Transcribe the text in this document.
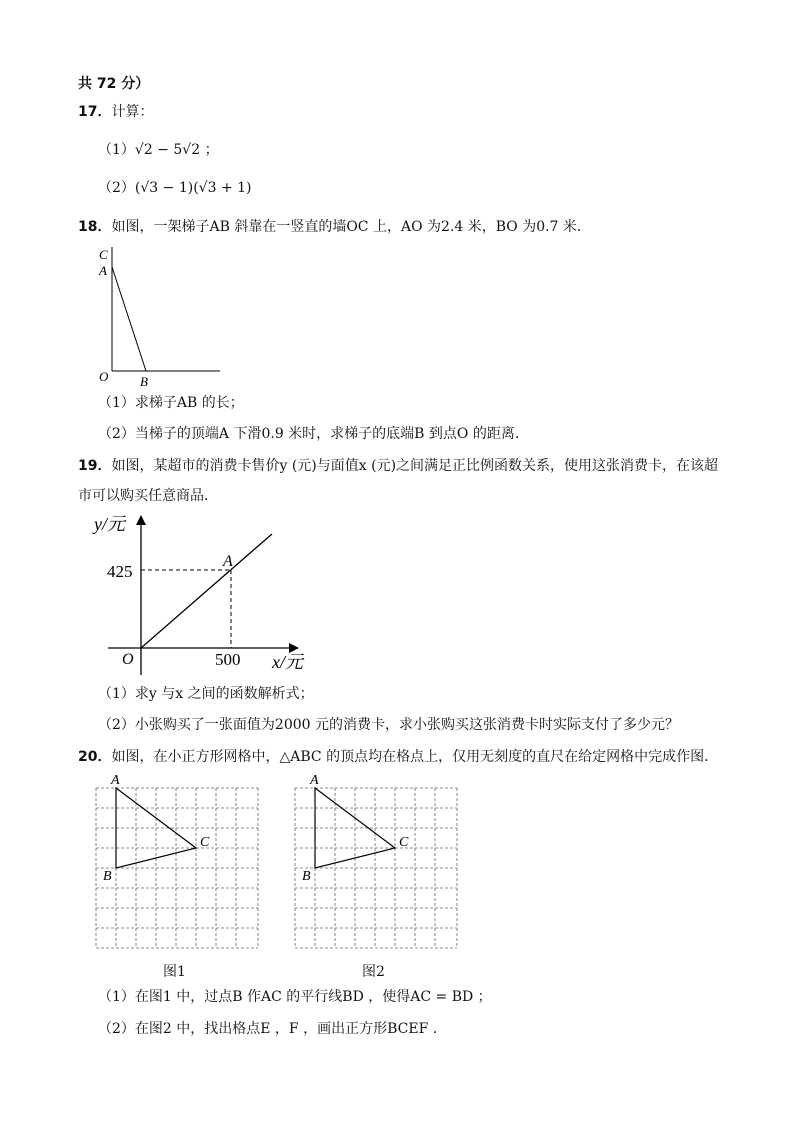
共 72 分）
17．计算：
（1）√2 − 5√2 ；
（2）(√3 − 1)(√3 + 1)
18．如图，一架梯子AB 斜靠在一竖直的墙OC 上，AO 为2.4 米，BO 为0.7 米．
C
A
O B
（1）求梯子AB 的长；
（2）当梯子的顶端A 下滑0.9 米时，求梯子的底端B 到点O 的距离．
19．如图，某超市的消费卡售价y (元)与面值x (元)之间满足正比例函数关系，使用这张消费卡，在该超
市可以购买任意商品．
y/元
x/元
O
A
425
500
（1）求y 与x 之间的函数解析式；
（2）小张购买了一张面值为2000 元的消费卡，求小张购买这张消费卡时实际支付了多少元？
20．如图，在小正方形网格中，△ABC 的顶点均在格点上，仅用无刻度的直尺在给定网格中完成作图．
A
C
B
图1
A
C
B
图2
（1）在图1 中，过点B 作AC 的平行线BD ，使得AC = BD ；
（2）在图2 中，找出格点E ，F ，画出正方形BCEF ．
